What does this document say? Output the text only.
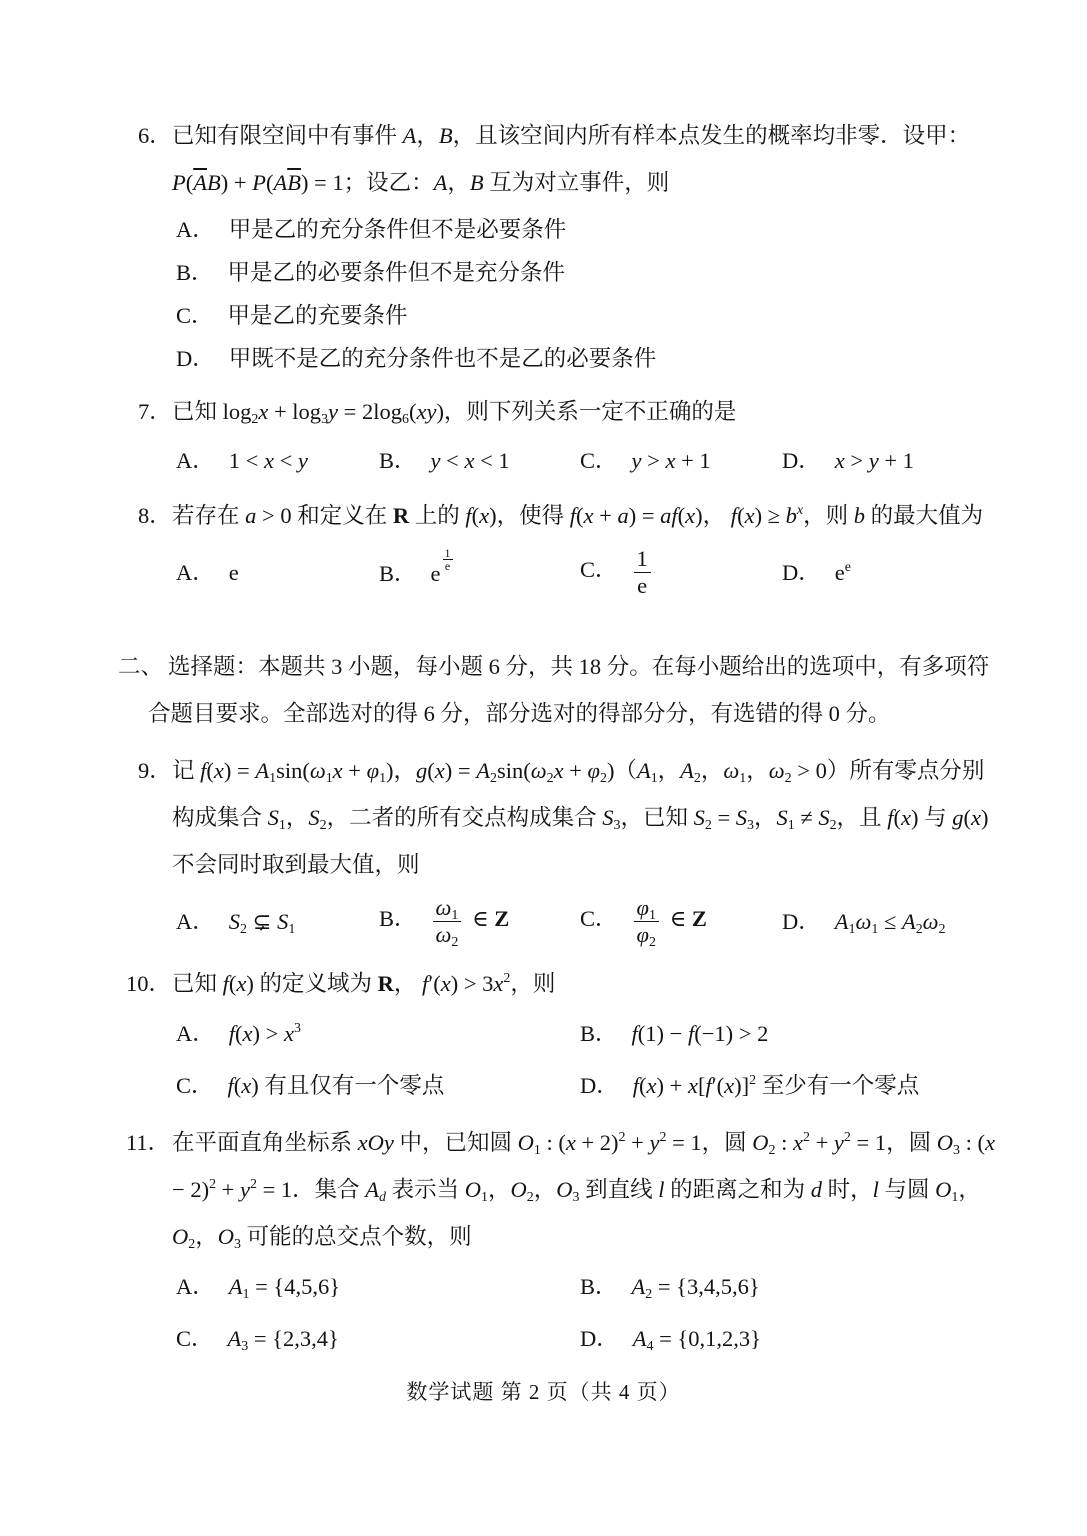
6． 已知有限空间中有事件 A，B，且该空间内所有样本点发生的概率均非零．设甲：

$P(\overline{A}B) + P(A\overline{B}) = 1$；设乙：A，B 互为对立事件，则

A． 甲是乙的充分条件但不是必要条件

B． 甲是乙的必要条件但不是充分条件

C． 甲是乙的充要条件

D． 甲既不是乙的充分条件也不是乙的必要条件

7． 已知 $\log_2x + \log_3y = 2\log_6(xy)$，则下列关系一定不正确的是

A． 1 < x < y	B． y < x < 1	C． y > x + 1	D． x > y + 1
8． 若存在 a > 0 和定义在 R 上的 f(x)，使得 f(x + a) = af(x)， $f(x) \ge b^x$，则 b 的最大值为

A． e	B． e
$\frac{1}{e}$	C． $\frac{1}{e}$	D． $e^e$
二、 选择题：本题共 3 小题，每小题 6 分，共 18 分。在每小题给出的选项中，有多项符合题目要求。全部选对的得 6 分，部分选对的得部分分，有选错的得 0 分。
9． 记 $f(x) = A_1\sin(\omega_1x + \varphi_1)$，$g(x) = A_2\sin(\omega_2x + \varphi_2)(A_1$，$A_2$，$\omega_1$，$\omega_2 > 0$）所有零点分别构成集合 $S_1$，$S_2$，二者的所有交点构成集合 $S_3$，已知 $S_2 = S_3$，$S_1 \ne S_2$，且 f(x) 与 g(x) 不会同时取到最大值，则

A． $S_2$ ⊊ $S_1$	B． $\frac{\omega_1}{\omega_2}$ ∈ Z	C． $\frac{\varphi_1}{\varphi_2}$ ∈ Z	D． $A_1\omega_1 \le A_2\omega_2$
10． 已知 f(x) 的定义域为 R， $f'(x) > 3x^2$，则

A． $f(x) > x^3$	B． f(1) − f(−1) > 2
C． f(x) 有且仅有一个零点	D． $f(x) + x[f'(x)]^2$ 至少有一个零点
11． 在平面直角坐标系 xOy 中，已知圆 $O_1$ : $(x + 2)^2 + y^2 = 1$，圆 $O_2$ : $x^2 + y^2 = 1$，圆 $O_3$ : $(x - 2)^2 + y^2 = 1$．集合 $A_d$ 表示当 $O_1$，$O_2$，$O_3$ 到直线 l 的距离之和为 d 时，l 与圆 $O_1$，$O_2$，$O_3$ 可能的总交点个数，则

A． $A_1 = \{4,5,6\}$	B． $A_2 = \{3,4,5,6\}$
C． $A_3 = \{2,3,4\}$	D． $A_4 = \{0,1,2,3\}$
数学试题 第 2 页（共 4 页）
